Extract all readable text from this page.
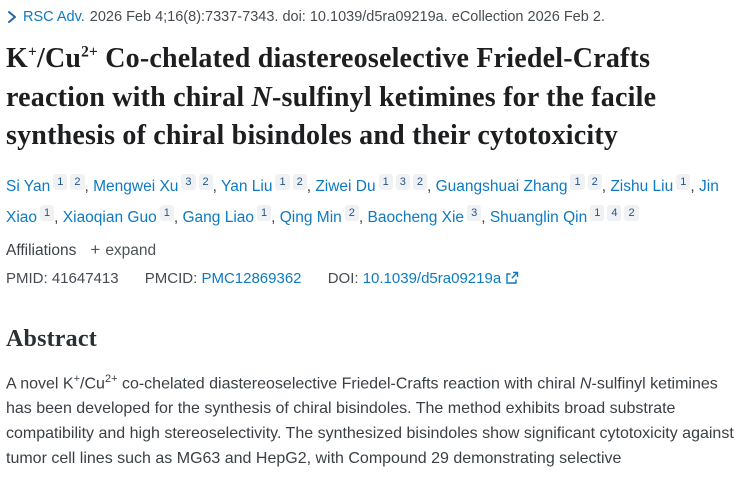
RSC Adv. 2026 Feb 4;16(8):7337-7343. doi: 10.1039/d5ra09219a. eCollection 2026 Feb 2.
$K^+/Cu^{2+}$ Co-chelated diastereoselective Friedel-Crafts reaction with chiral N-sulfinyl ketimines for the facile synthesis of chiral bisindoles and their cytotoxicity

Si Yan $^1$ $^2$ , Mengwei Xu $^3$ $^2$ , Yan Liu $^1$ $^2$ , Ziwei Du $^1$ $^3$ $^2$ , Guangshuai Zhang $^1$ $^2$ , Zishu Liu $^1$ , Jin Xiao $^1$ , Xiaoqian Guo $^1$ , Gang Liao $^1$ , Qing Min $^2$ , Baocheng Xie $^3$ , Shuanglin Qin $^1$ $^4$ $^2$

Affiliations + expand
PMID: 41647413 PMCID: PMC12869362 DOI: 10.1039/d5ra09219a
Abstract

A novel $K^+/Cu^{2+}$ co-chelated diastereoselective Friedel-Crafts reaction with chiral N-sulfinyl ketimines has been developed for the synthesis of chiral bisindoles. The method exhibits broad substrate compatibility and high stereoselectivity. The synthesized bisindoles show significant cytotoxicity against tumor cell lines such as MG63 and HepG2, with Compound 29 demonstrating selective
